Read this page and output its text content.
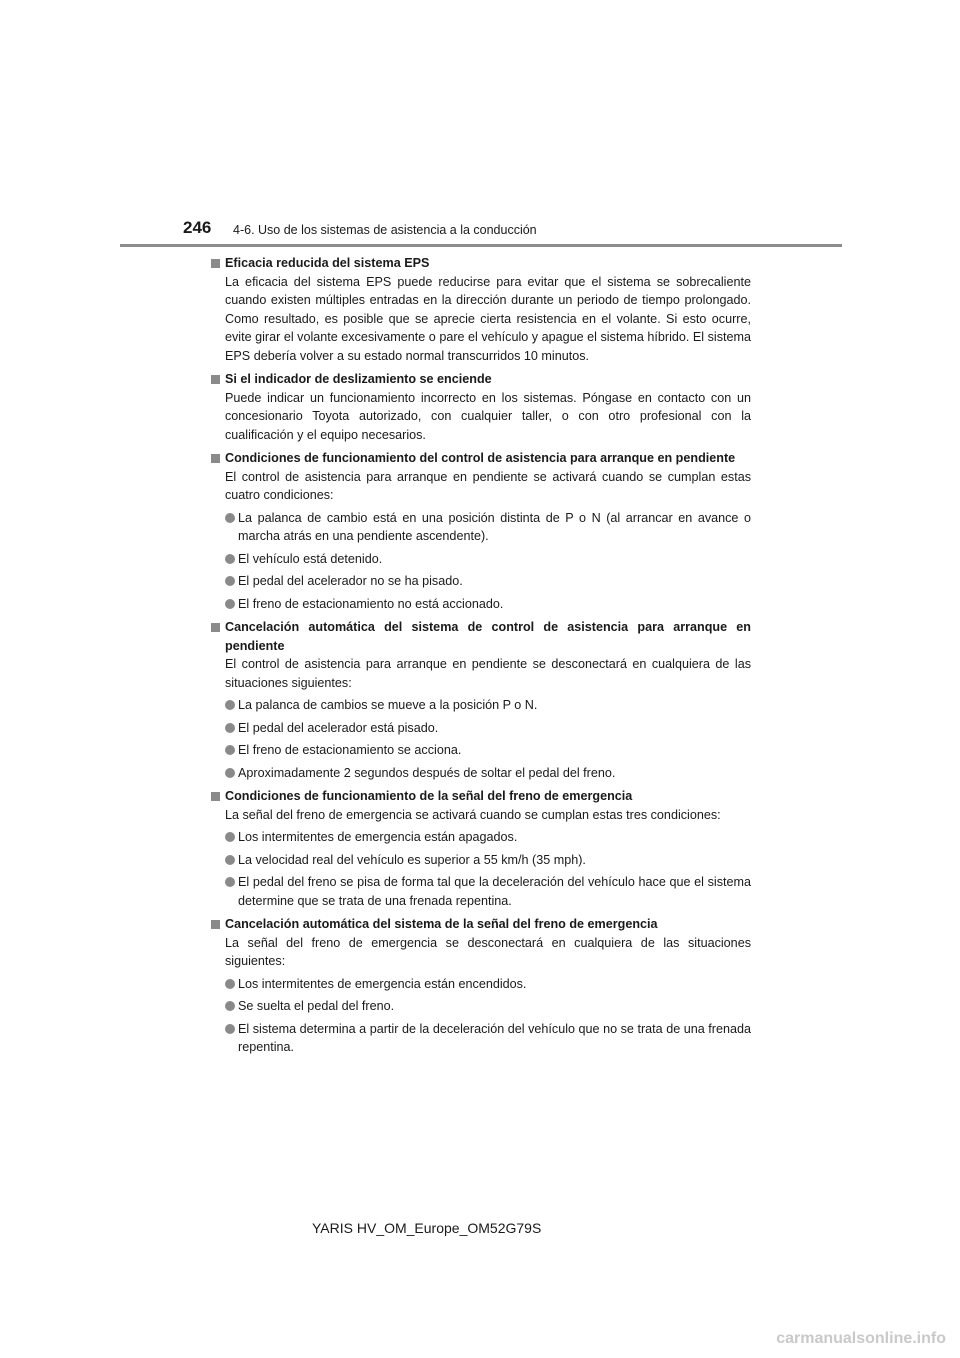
246 4-6. Uso de los sistemas de asistencia a la conducción
Eficacia reducida del sistema EPS
La eficacia del sistema EPS puede reducirse para evitar que el sistema se sobrecaliente cuando existen múltiples entradas en la dirección durante un periodo de tiempo prolongado. Como resultado, es posible que se aprecie cierta resistencia en el volante. Si esto ocurre, evite girar el volante excesivamente o pare el vehículo y apague el sistema híbrido. El sistema EPS debería volver a su estado normal transcurridos 10 minutos.
Si el indicador de deslizamiento se enciende
Puede indicar un funcionamiento incorrecto en los sistemas. Póngase en contacto con un concesionario Toyota autorizado, con cualquier taller, o con otro profesional con la cualificación y el equipo necesarios.
Condiciones de funcionamiento del control de asistencia para arranque en pendiente
El control de asistencia para arranque en pendiente se activará cuando se cumplan estas cuatro condiciones:
La palanca de cambio está en una posición distinta de P o N (al arrancar en avance o marcha atrás en una pendiente ascendente).
El vehículo está detenido.
El pedal del acelerador no se ha pisado.
El freno de estacionamiento no está accionado.
Cancelación automática del sistema de control de asistencia para arranque en pendiente
El control de asistencia para arranque en pendiente se desconectará en cualquiera de las situaciones siguientes:
La palanca de cambios se mueve a la posición P o N.
El pedal del acelerador está pisado.
El freno de estacionamiento se acciona.
Aproximadamente 2 segundos después de soltar el pedal del freno.
Condiciones de funcionamiento de la señal del freno de emergencia
La señal del freno de emergencia se activará cuando se cumplan estas tres condiciones:
Los intermitentes de emergencia están apagados.
La velocidad real del vehículo es superior a 55 km/h (35 mph).
El pedal del freno se pisa de forma tal que la deceleración del vehículo hace que el sistema determine que se trata de una frenada repentina.
Cancelación automática del sistema de la señal del freno de emergencia
La señal del freno de emergencia se desconectará en cualquiera de las situaciones siguientes:
Los intermitentes de emergencia están encendidos.
Se suelta el pedal del freno.
El sistema determina a partir de la deceleración del vehículo que no se trata de una frenada repentina.
YARIS HV_OM_Europe_OM52G79S
carmanualsonline.info
